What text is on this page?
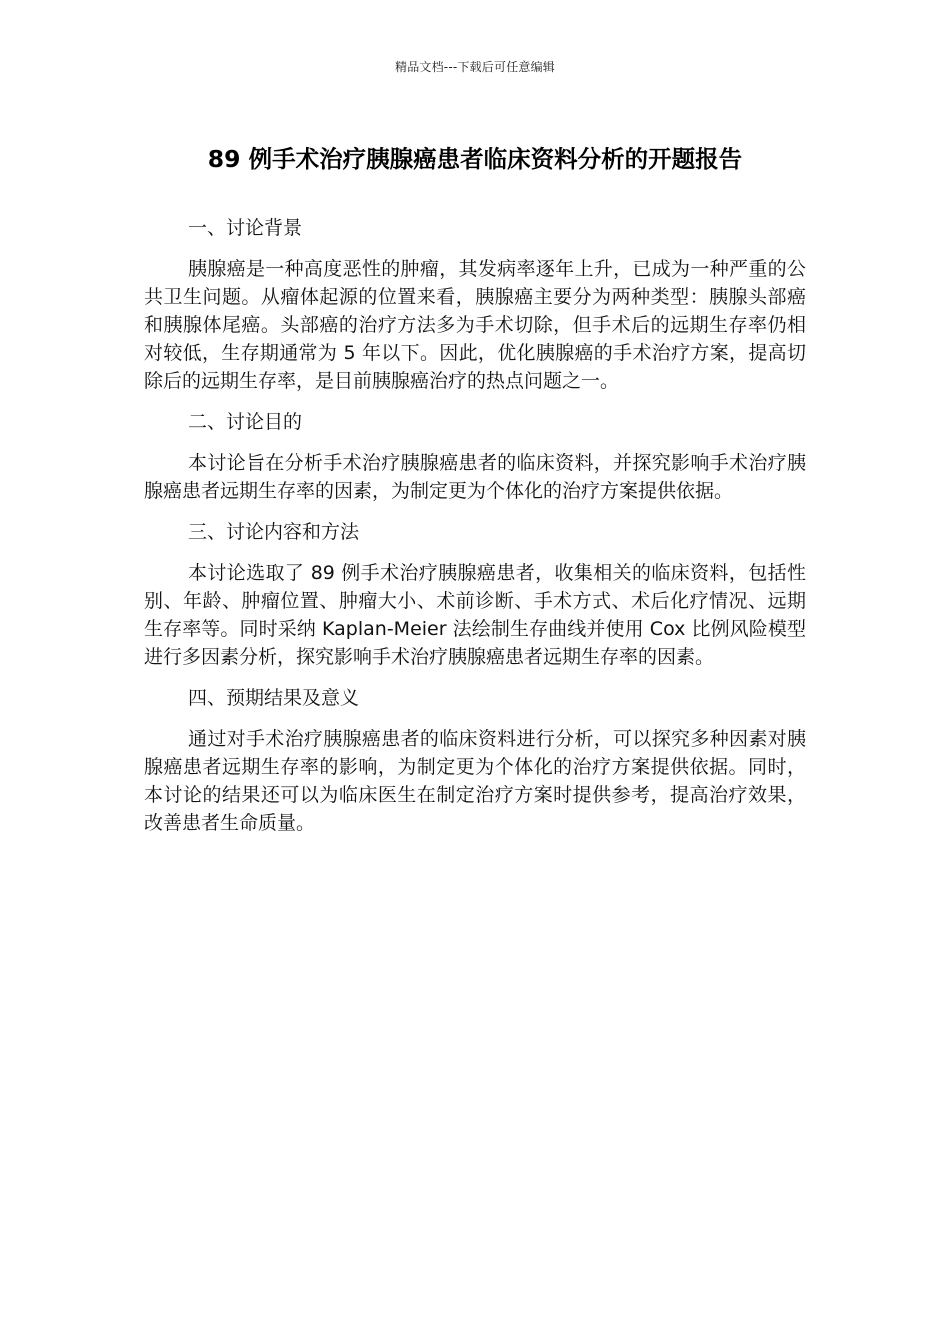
精品文档---下载后可任意编辑
89 例手术治疗胰腺癌患者临床资料分析的开题报告

一、讨论背景

胰腺癌是一种高度恶性的肿瘤，其发病率逐年上升，已成为一种严重的公共卫生问题。从瘤体起源的位置来看，胰腺癌主要分为两种类型：胰腺头部癌和胰腺体尾癌。头部癌的治疗方法多为手术切除，但手术后的远期生存率仍相对较低，生存期通常为 5 年以下。因此，优化胰腺癌的手术治疗方案，提高切除后的远期生存率，是目前胰腺癌治疗的热点问题之一。

二、讨论目的

本讨论旨在分析手术治疗胰腺癌患者的临床资料，并探究影响手术治疗胰腺癌患者远期生存率的因素，为制定更为个体化的治疗方案提供依据。

三、讨论内容和方法

本讨论选取了 89 例手术治疗胰腺癌患者，收集相关的临床资料，包括性别、年龄、肿瘤位置、肿瘤大小、术前诊断、手术方式、术后化疗情况、远期生存率等。同时采纳 Kaplan-Meier 法绘制生存曲线并使用 Cox 比例风险模型进行多因素分析，探究影响手术治疗胰腺癌患者远期生存率的因素。

四、预期结果及意义

通过对手术治疗胰腺癌患者的临床资料进行分析，可以探究多种因素对胰腺癌患者远期生存率的影响，为制定更为个体化的治疗方案提供依据。同时，本讨论的结果还可以为临床医生在制定治疗方案时提供参考，提高治疗效果，改善患者生命质量。
